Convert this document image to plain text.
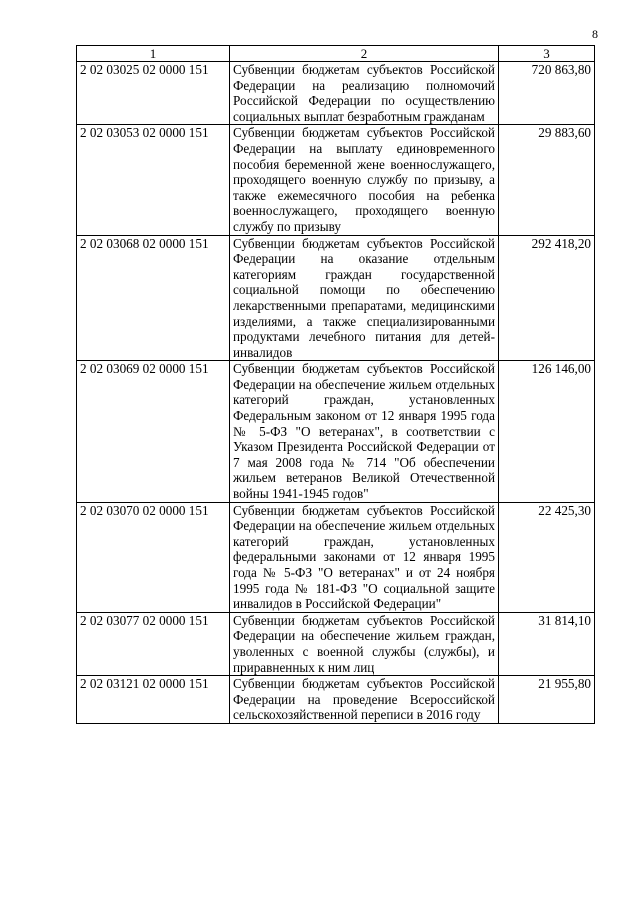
8
1	2	3
2 02 03025 02 0000 151	Субвенции бюджетам субъектов Российской Федерации на реализацию полномочий Российской Федерации по осуществлению социальных выплат безработным гражданам	720 863,80
2 02 03053 02 0000 151	Субвенции бюджетам субъектов Российской Федерации на выплату единовременного пособия беременной жене военнослужащего, проходящего военную службу по призыву, а также ежемесячного пособия на ребенка военнослужащего, проходящего военную службу по призыву	29 883,60
2 02 03068 02 0000 151	Субвенции бюджетам субъектов Российской Федерации на оказание отдельным категориям граждан государственной социальной помощи по обеспечению лекарственными препаратами, медицинскими изделиями, а также специализированными продуктами лечебного питания для детей-инвалидов	292 418,20
2 02 03069 02 0000 151	Субвенции бюджетам субъектов Российской Федерации на обеспечение жильем отдельных категорий граждан, установленных Федеральным законом от 12 января 1995 года № 5-ФЗ "О ветеранах", в соответствии с Указом Президента Российской Федерации от 7 мая 2008 года № 714 "Об обеспечении жильем ветеранов Великой Отечественной войны 1941-1945 годов"	126 146,00
2 02 03070 02 0000 151	Субвенции бюджетам субъектов Российской Федерации на обеспечение жильем отдельных категорий граждан, установленных федеральными законами от 12 января 1995 года № 5-ФЗ "О ветеранах" и от 24 ноября 1995 года № 181-ФЗ "О социальной защите инвалидов в Российской Федерации"	22 425,30
2 02 03077 02 0000 151	Субвенции бюджетам субъектов Российской Федерации на обеспечение жильем граждан, уволенных с военной службы (службы), и приравненных к ним лиц	31 814,10
2 02 03121 02 0000 151	Субвенции бюджетам субъектов Российской Федерации на проведение Всероссийской сельскохозяйственной переписи в 2016 году	21 955,80
